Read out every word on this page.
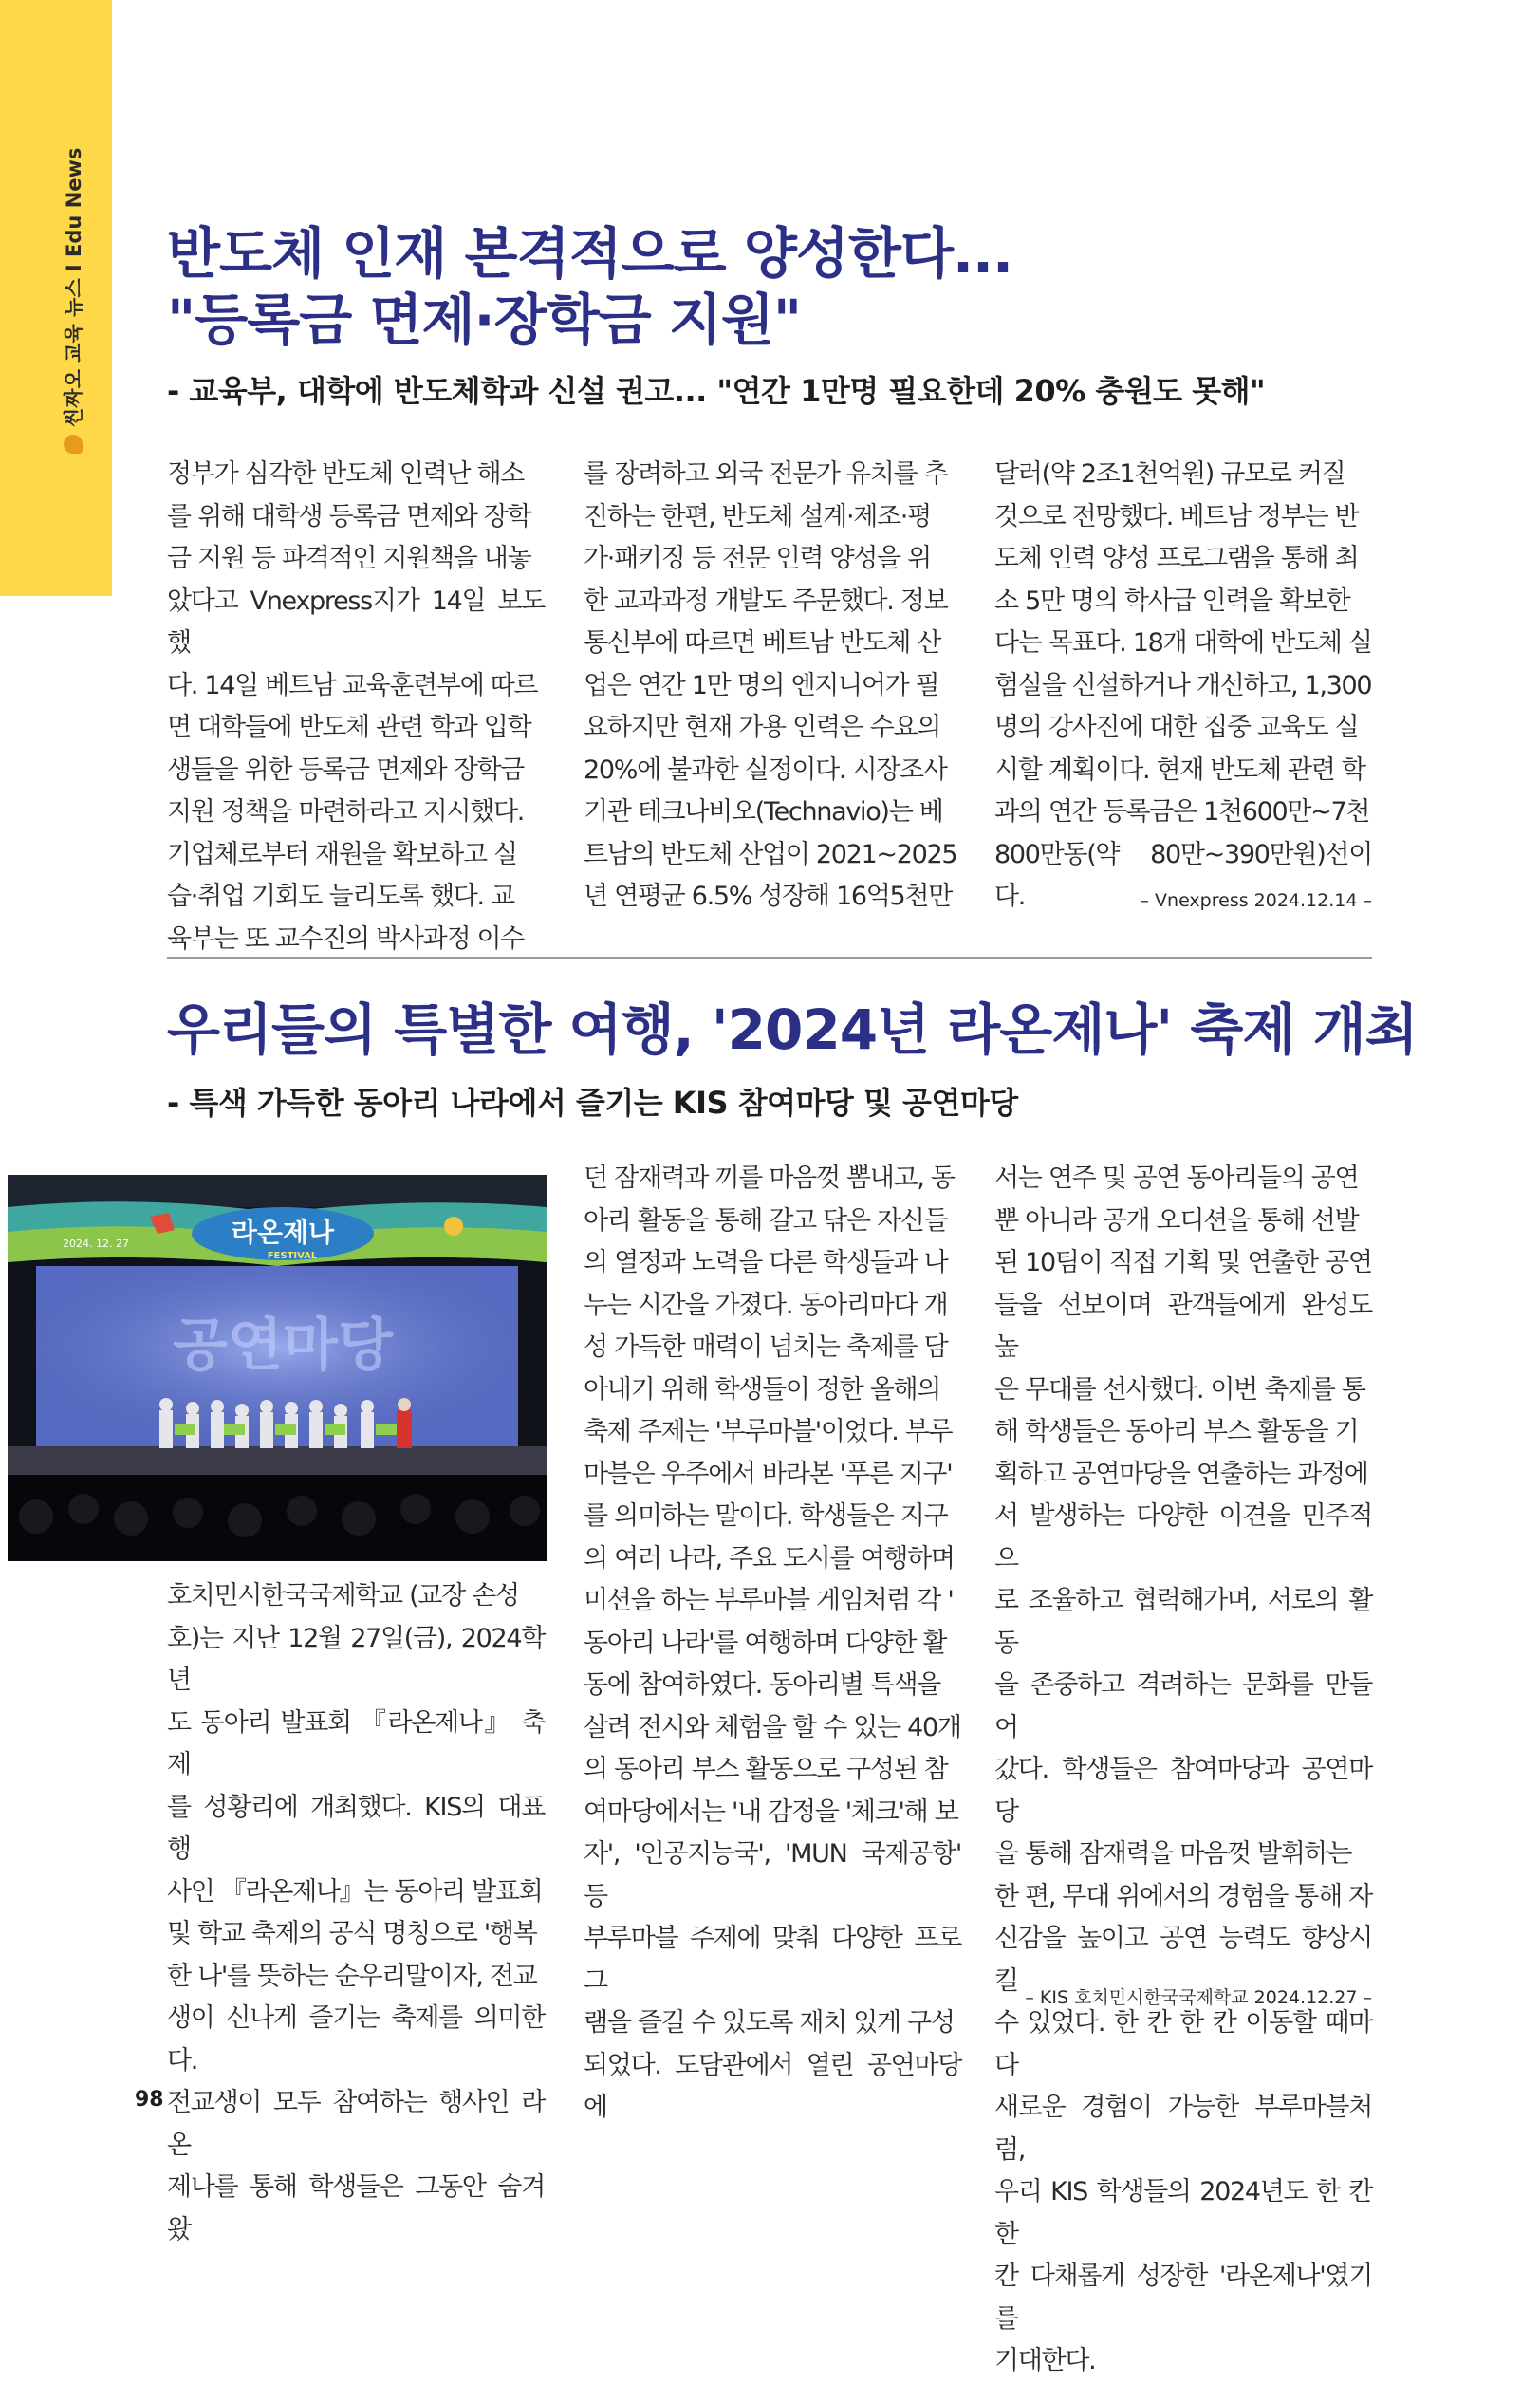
씬짜오 교육 뉴스 I Edu News 반도체 인재 본격적으로 양성한다...
"등록금 면제·장학금 지원"
- 교육부, 대학에 반도체학과 신설 권고... "연간 1만명 필요한데 20% 충원도 못해"
정부가 심각한 반도체 인력난 해소
를 위해 대학생 등록금 면제와 장학
금 지원 등 파격적인 지원책을 내놓
았다고 Vnexpress지가 14일 보도했
다. 14일 베트남 교육훈련부에 따르
면 대학들에 반도체 관련 학과 입학
생들을 위한 등록금 면제와 장학금
지원 정책을 마련하라고 지시했다.
기업체로부터 재원을 확보하고 실
습·취업 기회도 늘리도록 했다. 교
육부는 또 교수진의 박사과정 이수
를 장려하고 외국 전문가 유치를 추
진하는 한편, 반도체 설계·제조·평
가·패키징 등 전문 인력 양성을 위
한 교과과정 개발도 주문했다. 정보
통신부에 따르면 베트남 반도체 산
업은 연간 1만 명의 엔지니어가 필
요하지만 현재 가용 인력은 수요의
20%에 불과한 실정이다. 시장조사
기관 테크나비오(Technavio)는 베
트남의 반도체 산업이 2021~2025
년 연평균 6.5% 성장해 16억5천만
달러(약 2조1천억원) 규모로 커질
것으로 전망했다. 베트남 정부는 반
도체 인력 양성 프로그램을 통해 최
소 5만 명의 학사급 인력을 확보한
다는 목표다. 18개 대학에 반도체 실
험실을 신설하거나 개선하고, 1,300
명의 강사진에 대한 집중 교육도 실
시할 계획이다. 현재 반도체 관련 학
과의 연간 등록금은 1천600만~7천
800만동(약 80만~390만원)선이다.	– Vnexpress 2024.12.14 –
우리들의 특별한 여행, '2024년 라온제나' 축제 개최
- 특색 가득한 동아리 나라에서 즐기는 KIS 참여마당 및 공연마당
라온제나
FESTIVAL
2024. 12. 27
공연마당
호치민시한국국제학교 (교장 손성
호)는 지난 12월 27일(금), 2024학년
도 동아리 발표회 『라온제나』 축제
를 성황리에 개최했다. KIS의 대표 행
사인 『라온제나』는 동아리 발표회
및 학교 축제의 공식 명칭으로 '행복
한 나'를 뜻하는 순우리말이자, 전교
생이 신나게 즐기는 축제를 의미한다.
전교생이 모두 참여하는 행사인 라온
제나를 통해 학생들은 그동안 숨겨왔
던 잠재력과 끼를 마음껏 뽐내고, 동
아리 활동을 통해 갈고 닦은 자신들
의 열정과 노력을 다른 학생들과 나
누는 시간을 가졌다. 동아리마다 개
성 가득한 매력이 넘치는 축제를 담
아내기 위해 학생들이 정한 올해의
축제 주제는 '부루마블'이었다. 부루
마블은 우주에서 바라본 '푸른 지구'
를 의미하는 말이다. 학생들은 지구
의 여러 나라, 주요 도시를 여행하며
미션을 하는 부루마블 게임처럼 각 '
동아리 나라'를 여행하며 다양한 활
동에 참여하였다. 동아리별 특색을
살려 전시와 체험을 할 수 있는 40개
의 동아리 부스 활동으로 구성된 참
여마당에서는 '내 감정을 '체크'해 보
자', '인공지능국', 'MUN 국제공항' 등
부루마블 주제에 맞춰 다양한 프로그
램을 즐길 수 있도록 재치 있게 구성
되었다. 도담관에서 열린 공연마당에
서는 연주 및 공연 동아리들의 공연
뿐 아니라 공개 오디션을 통해 선발
된 10팀이 직접 기획 및 연출한 공연
들을 선보이며 관객들에게 완성도 높
은 무대를 선사했다. 이번 축제를 통
해 학생들은 동아리 부스 활동을 기
획하고 공연마당을 연출하는 과정에
서 발생하는 다양한 이견을 민주적으
로 조율하고 협력해가며, 서로의 활동
을 존중하고 격려하는 문화를 만들어
갔다. 학생들은 참여마당과 공연마당
을 통해 잠재력을 마음껏 발휘하는
한 편, 무대 위에서의 경험을 통해 자
신감을 높이고 공연 능력도 향상시킬
수 있었다. 한 칸 한 칸 이동할 때마다
새로운 경험이 가능한 부루마블처럼,
우리 KIS 학생들의 2024년도 한 칸 한
칸 다채롭게 성장한 '라온제나'였기를
기대한다.
– KIS 호치민시한국국제학교 2024.12.27 –
98
